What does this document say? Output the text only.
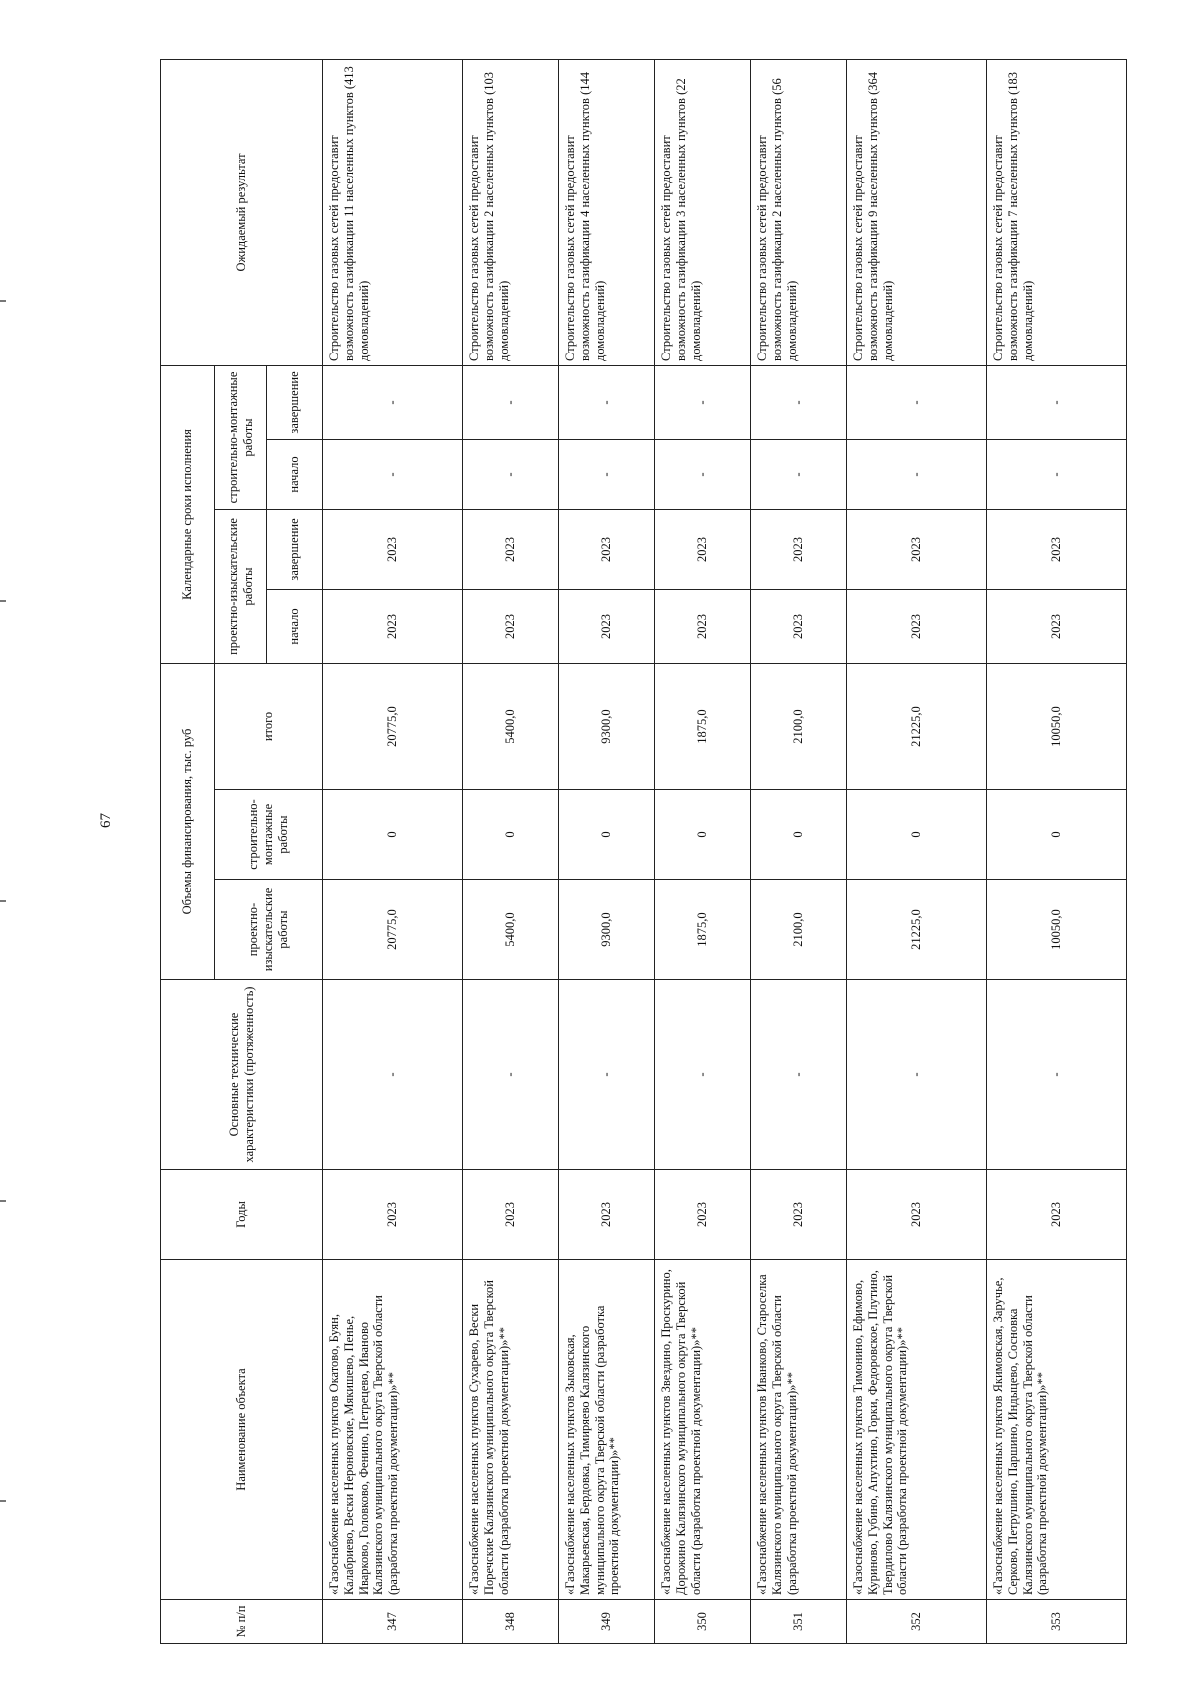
67
№ п/п	Наименование объекта	Годы	Основные технические характеристики (протяженность)	Объемы финансирования, тыс. руб			Календарные сроки исполнения				Ожидаемый результат
				проектно-изыскательские работы	строительно-монтажные работы	итого	проектно-изыскательские работы		строительно-монтажные работы		
							начало	завершение	начало	завершение	
347	«Газоснабжение населенных пунктов Окатово, Буян, Калабриево, Вески Нероновские, Мякишево, Пенье, Иварково, Головково, Фенино, Петрецево, Иваново Калязинского муниципального округа Тверской области (разработка проектной документации)»**	2023	-	20775,0	0	20775,0	2023	2023	-	-	Строительство газовых сетей предоставит возможность газификации 11 населенных пунктов (413 домовладений)
348	«Газоснабжение населенных пунктов Сухарево, Вески Поречские Калязинского муниципального округа Тверской области (разработка проектной документации)»**	2023	-	5400,0	0	5400,0	2023	2023	-	-	Строительство газовых сетей предоставит возможность газификации 2 населенных пунктов (103 домовладений)
349	«Газоснабжение населенных пунктов Зыковская, Макарьевская, Бердовка, Тимиряево Калязинского муниципального округа Тверской области (разработка проектной документации)»**	2023	-	9300,0	0	9300,0	2023	2023	-	-	Строительство газовых сетей предоставит возможность газификации 4 населенных пунктов (144 домовладений)
350	«Газоснабжение населенных пунктов Звездино, Проскурино, Дорожино Калязинского муниципального округа Тверской области (разработка проектной документации)»**	2023	-	1875,0	0	1875,0	2023	2023	-	-	Строительство газовых сетей предоставит возможность газификации 3 населенных пунктов (22 домовладений)
351	«Газоснабжение населенных пунктов Иванково, Староселка Калязинского муниципального округа Тверской области (разработка проектной документации)»**	2023	-	2100,0	0	2100,0	2023	2023	-	-	Строительство газовых сетей предоставит возможность газификации 2 населенных пунктов (56 домовладений)
352	«Газоснабжение населенных пунктов Тимонино, Ефимово, Куриново, Губино, Апухтино, Горки, Федоровское, Плутино, Твердилово Калязинского муниципального округа Тверской области (разработка проектной документации)»**	2023	-	21225,0	0	21225,0	2023	2023	-	-	Строительство газовых сетей предоставит возможность газификации 9 населенных пунктов (364 домовладений)
353	«Газоснабжение населенных пунктов Якимовская, Заручье, Серково, Петрушино, Паршино, Индыцево, Сосновка Калязинского муниципального округа Тверской области (разработка проектной документации)»**	2023	-	10050,0	0	10050,0	2023	2023	-	-	Строительство газовых сетей предоставит возможность газификации 7 населенных пунктов (183 домовладений)
